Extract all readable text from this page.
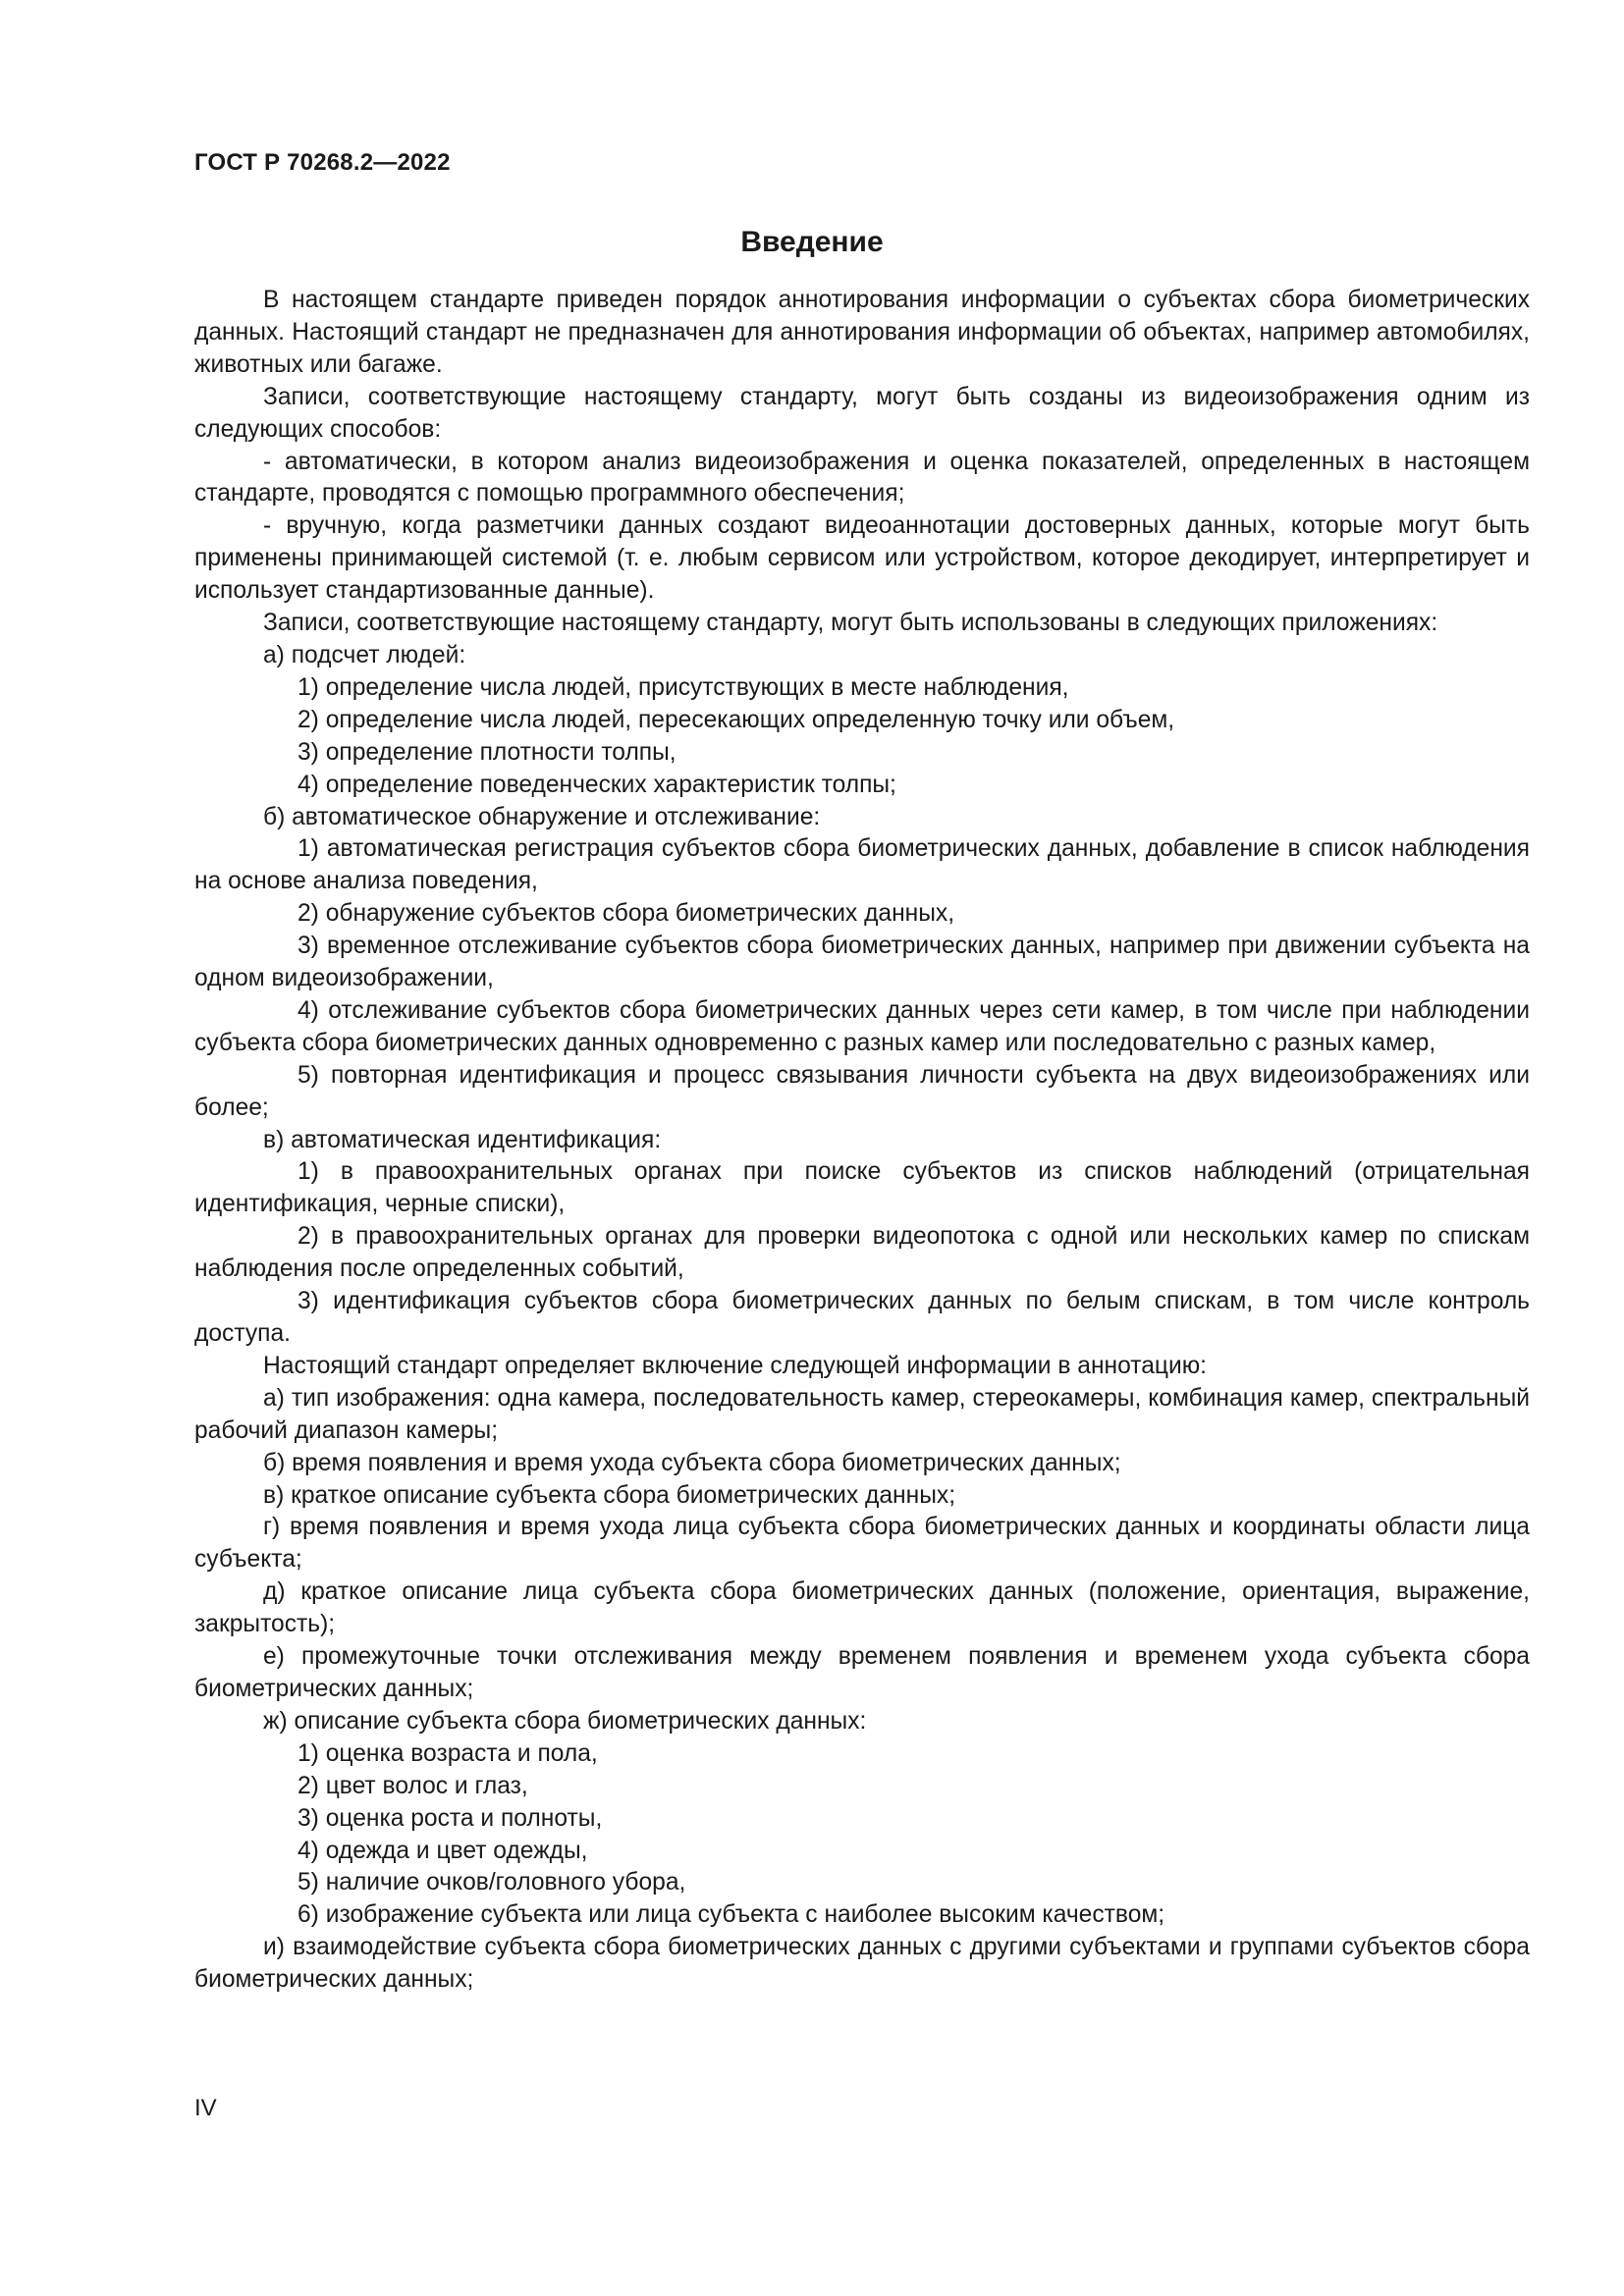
ГОСТ Р 70268.2—2022
Введение

В настоящем стандарте приведен порядок аннотирования информации о субъектах сбора биометрических данных. Настоящий стандарт не предназначен для аннотирования информации об объектах, например автомобилях, животных или багаже.

Записи, соответствующие настоящему стандарту, могут быть созданы из видеоизображения одним из следующих способов:

- автоматически, в котором анализ видеоизображения и оценка показателей, определенных в настоящем стандарте, проводятся с помощью программного обеспечения;

- вручную, когда разметчики данных создают видеоаннотации достоверных данных, которые могут быть применены принимающей системой (т. е. любым сервисом или устройством, которое декодирует, интерпретирует и использует стандартизованные данные).

Записи, соответствующие настоящему стандарту, могут быть использованы в следующих приложениях:

а) подсчет людей:

1) определение числа людей, присутствующих в месте наблюдения,

2) определение числа людей, пересекающих определенную точку или объем,

3) определение плотности толпы,

4) определение поведенческих характеристик толпы;

б) автоматическое обнаружение и отслеживание:

1) автоматическая регистрация субъектов сбора биометрических данных, добавление в список наблюдения на основе анализа поведения,

2) обнаружение субъектов сбора биометрических данных,

3) временное отслеживание субъектов сбора биометрических данных, например при движении субъекта на одном видеоизображении,

4) отслеживание субъектов сбора биометрических данных через сети камер, в том числе при наблюдении субъекта сбора биометрических данных одновременно с разных камер или последовательно с разных камер,

5) повторная идентификация и процесс связывания личности субъекта на двух видеоизображениях или более;

в) автоматическая идентификация:

1) в правоохранительных органах при поиске субъектов из списков наблюдений (отрицательная идентификация, черные списки),

2) в правоохранительных органах для проверки видеопотока с одной или нескольких камер по спискам наблюдения после определенных событий,

3) идентификация субъектов сбора биометрических данных по белым спискам, в том числе контроль доступа.

Настоящий стандарт определяет включение следующей информации в аннотацию:

а) тип изображения: одна камера, последовательность камер, стереокамеры, комбинация камер, спектральный рабочий диапазон камеры;

б) время появления и время ухода субъекта сбора биометрических данных;

в) краткое описание субъекта сбора биометрических данных;

г) время появления и время ухода лица субъекта сбора биометрических данных и координаты области лица субъекта;

д) краткое описание лица субъекта сбора биометрических данных (положение, ориентация, выражение, закрытость);

е) промежуточные точки отслеживания между временем появления и временем ухода субъекта сбора биометрических данных;

ж) описание субъекта сбора биометрических данных:

1) оценка возраста и пола,

2) цвет волос и глаз,

3) оценка роста и полноты,

4) одежда и цвет одежды,

5) наличие очков/головного убора,

6) изображение субъекта или лица субъекта с наиболее высоким качеством;

и) взаимодействие субъекта сбора биометрических данных с другими субъектами и группами субъектов сбора биометрических данных;

IV
